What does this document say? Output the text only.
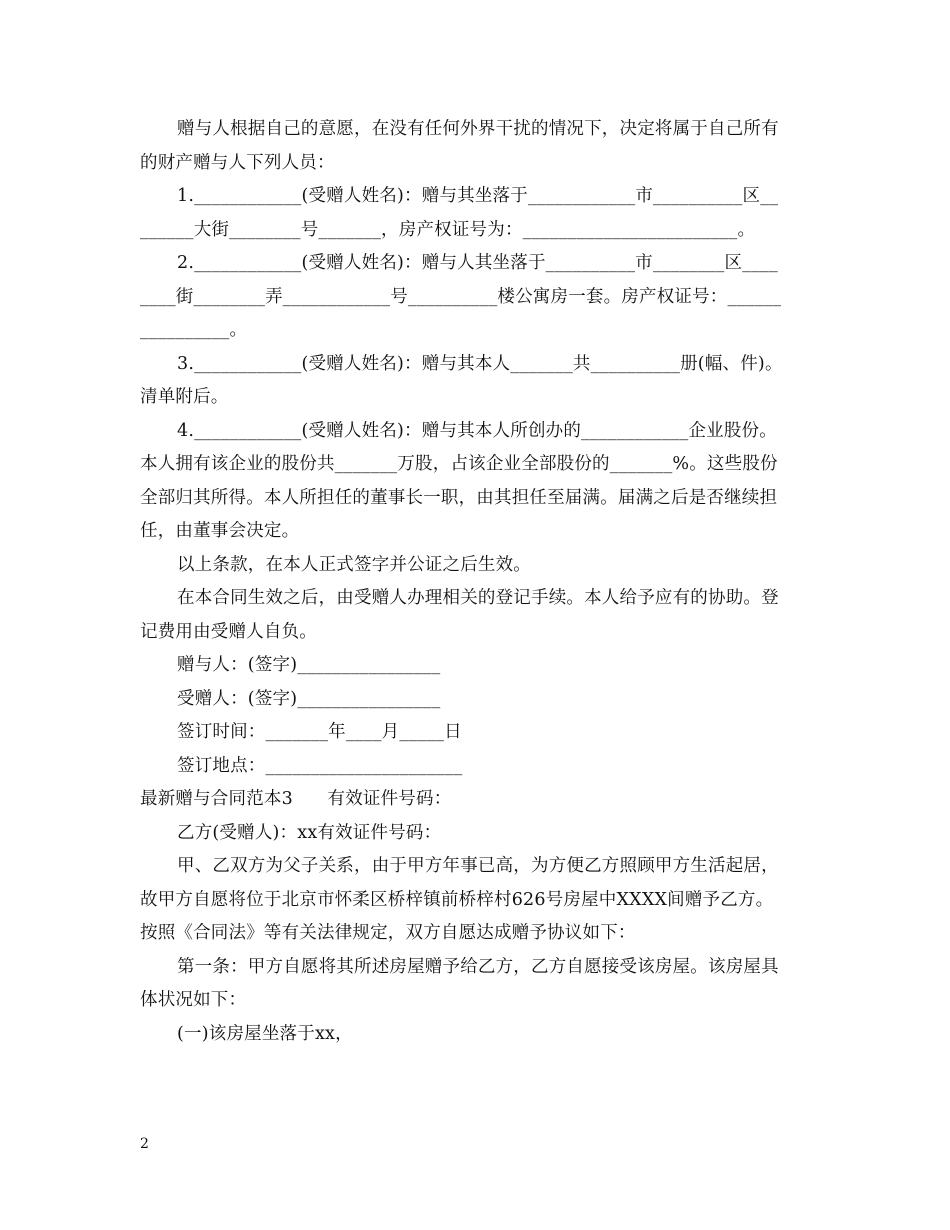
赠与人根据自己的意愿，在没有任何外界干扰的情况下，决定将属于自己所有
的财产赠与人下列人员：
1.____________(受赠人姓名)：赠与其坐落于____________市__________区__
______大街________号_______，房产权证号为：________________________。
2.____________(受赠人姓名)：赠与人其坐落于__________市________区____
____街________弄____________号__________楼公寓房一套。房产权证号：______
__________。
3.____________(受赠人姓名)：赠与其本人_______共__________册(幅、件)。
清单附后。
4.____________(受赠人姓名)：赠与其本人所创办的____________企业股份。
本人拥有该企业的股份共_______万股，占该企业全部股份的_______%。这些股份
全部归其所得。本人所担任的董事长一职，由其担任至届满。届满之后是否继续担
任，由董事会决定。
以上条款，在本人正式签字并公证之后生效。
在本合同生效之后，由受赠人办理相关的登记手续。本人给予应有的协助。登
记费用由受赠人自负。
赠与人：(签字)________________
受赠人：(签字)________________
签订时间：_______年____月_____日
签订地点：______________________
最新赠与合同范本3      有效证件号码：
乙方(受赠人)：xx有效证件号码：
甲、乙双方为父子关系，由于甲方年事已高，为方便乙方照顾甲方生活起居，
故甲方自愿将位于北京市怀柔区桥梓镇前桥梓村626号房屋中XXXX间赠予乙方。
按照《合同法》等有关法律规定，双方自愿达成赠予协议如下：
第一条：甲方自愿将其所述房屋赠予给乙方，乙方自愿接受该房屋。该房屋具
体状况如下：
(一)该房屋坐落于xx，
2
